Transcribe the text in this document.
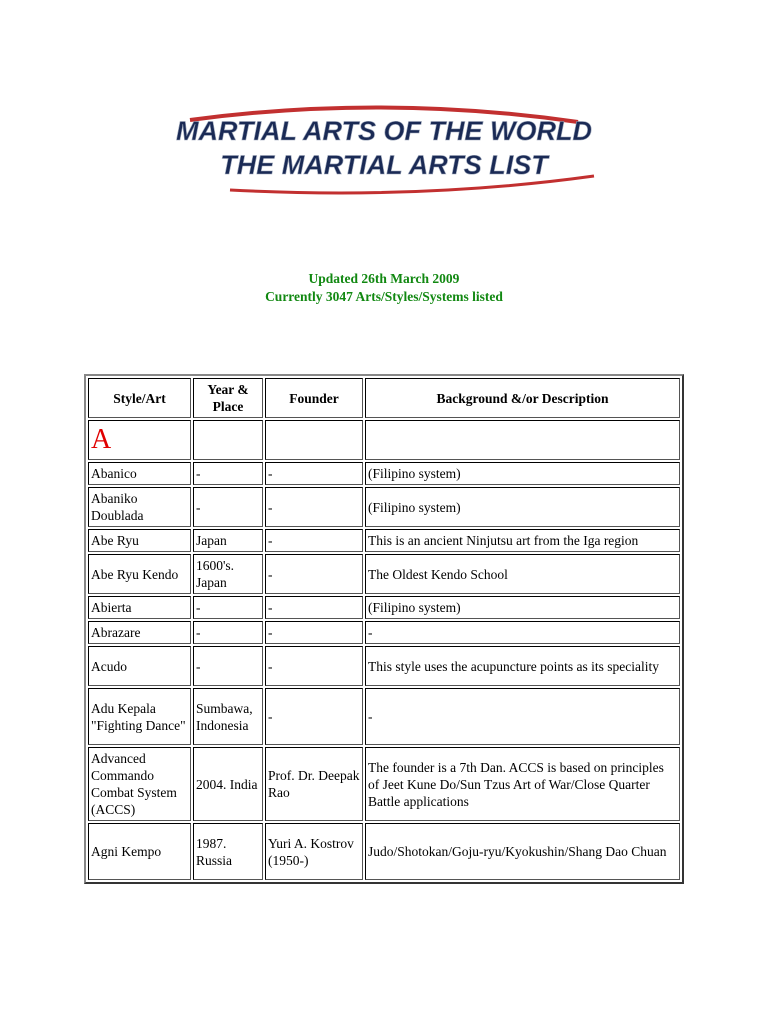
MARTIAL ARTS OF THE WORLD
THE MARTIAL ARTS LIST
Updated 26th March 2009
Currently 3047 Arts/Styles/Systems listed
Style/Art	Year & Place	Founder	Background &/or Description
A			
Abanico	-	-	(Filipino system)
Abaniko Doublada	-	-	(Filipino system)
Abe Ryu	Japan	-	This is an ancient Ninjutsu art from the Iga region
Abe Ryu Kendo	1600's. Japan	-	The Oldest Kendo School
Abierta	-	-	(Filipino system)
Abrazare	-	-	-
Acudo	-	-	This style uses the acupuncture points as its speciality
Adu Kepala "Fighting Dance"	Sumbawa, Indonesia	-	-
Advanced Commando Combat System (ACCS)	2004. India	Prof. Dr. Deepak Rao	The founder is a 7th Dan. ACCS is based on principles of Jeet Kune Do/Sun Tzus Art of War/Close Quarter Battle applications
Agni Kempo	1987. Russia	Yuri A. Kostrov (1950-)	Judo/Shotokan/Goju-ryu/Kyokushin/Shang Dao Chuan
